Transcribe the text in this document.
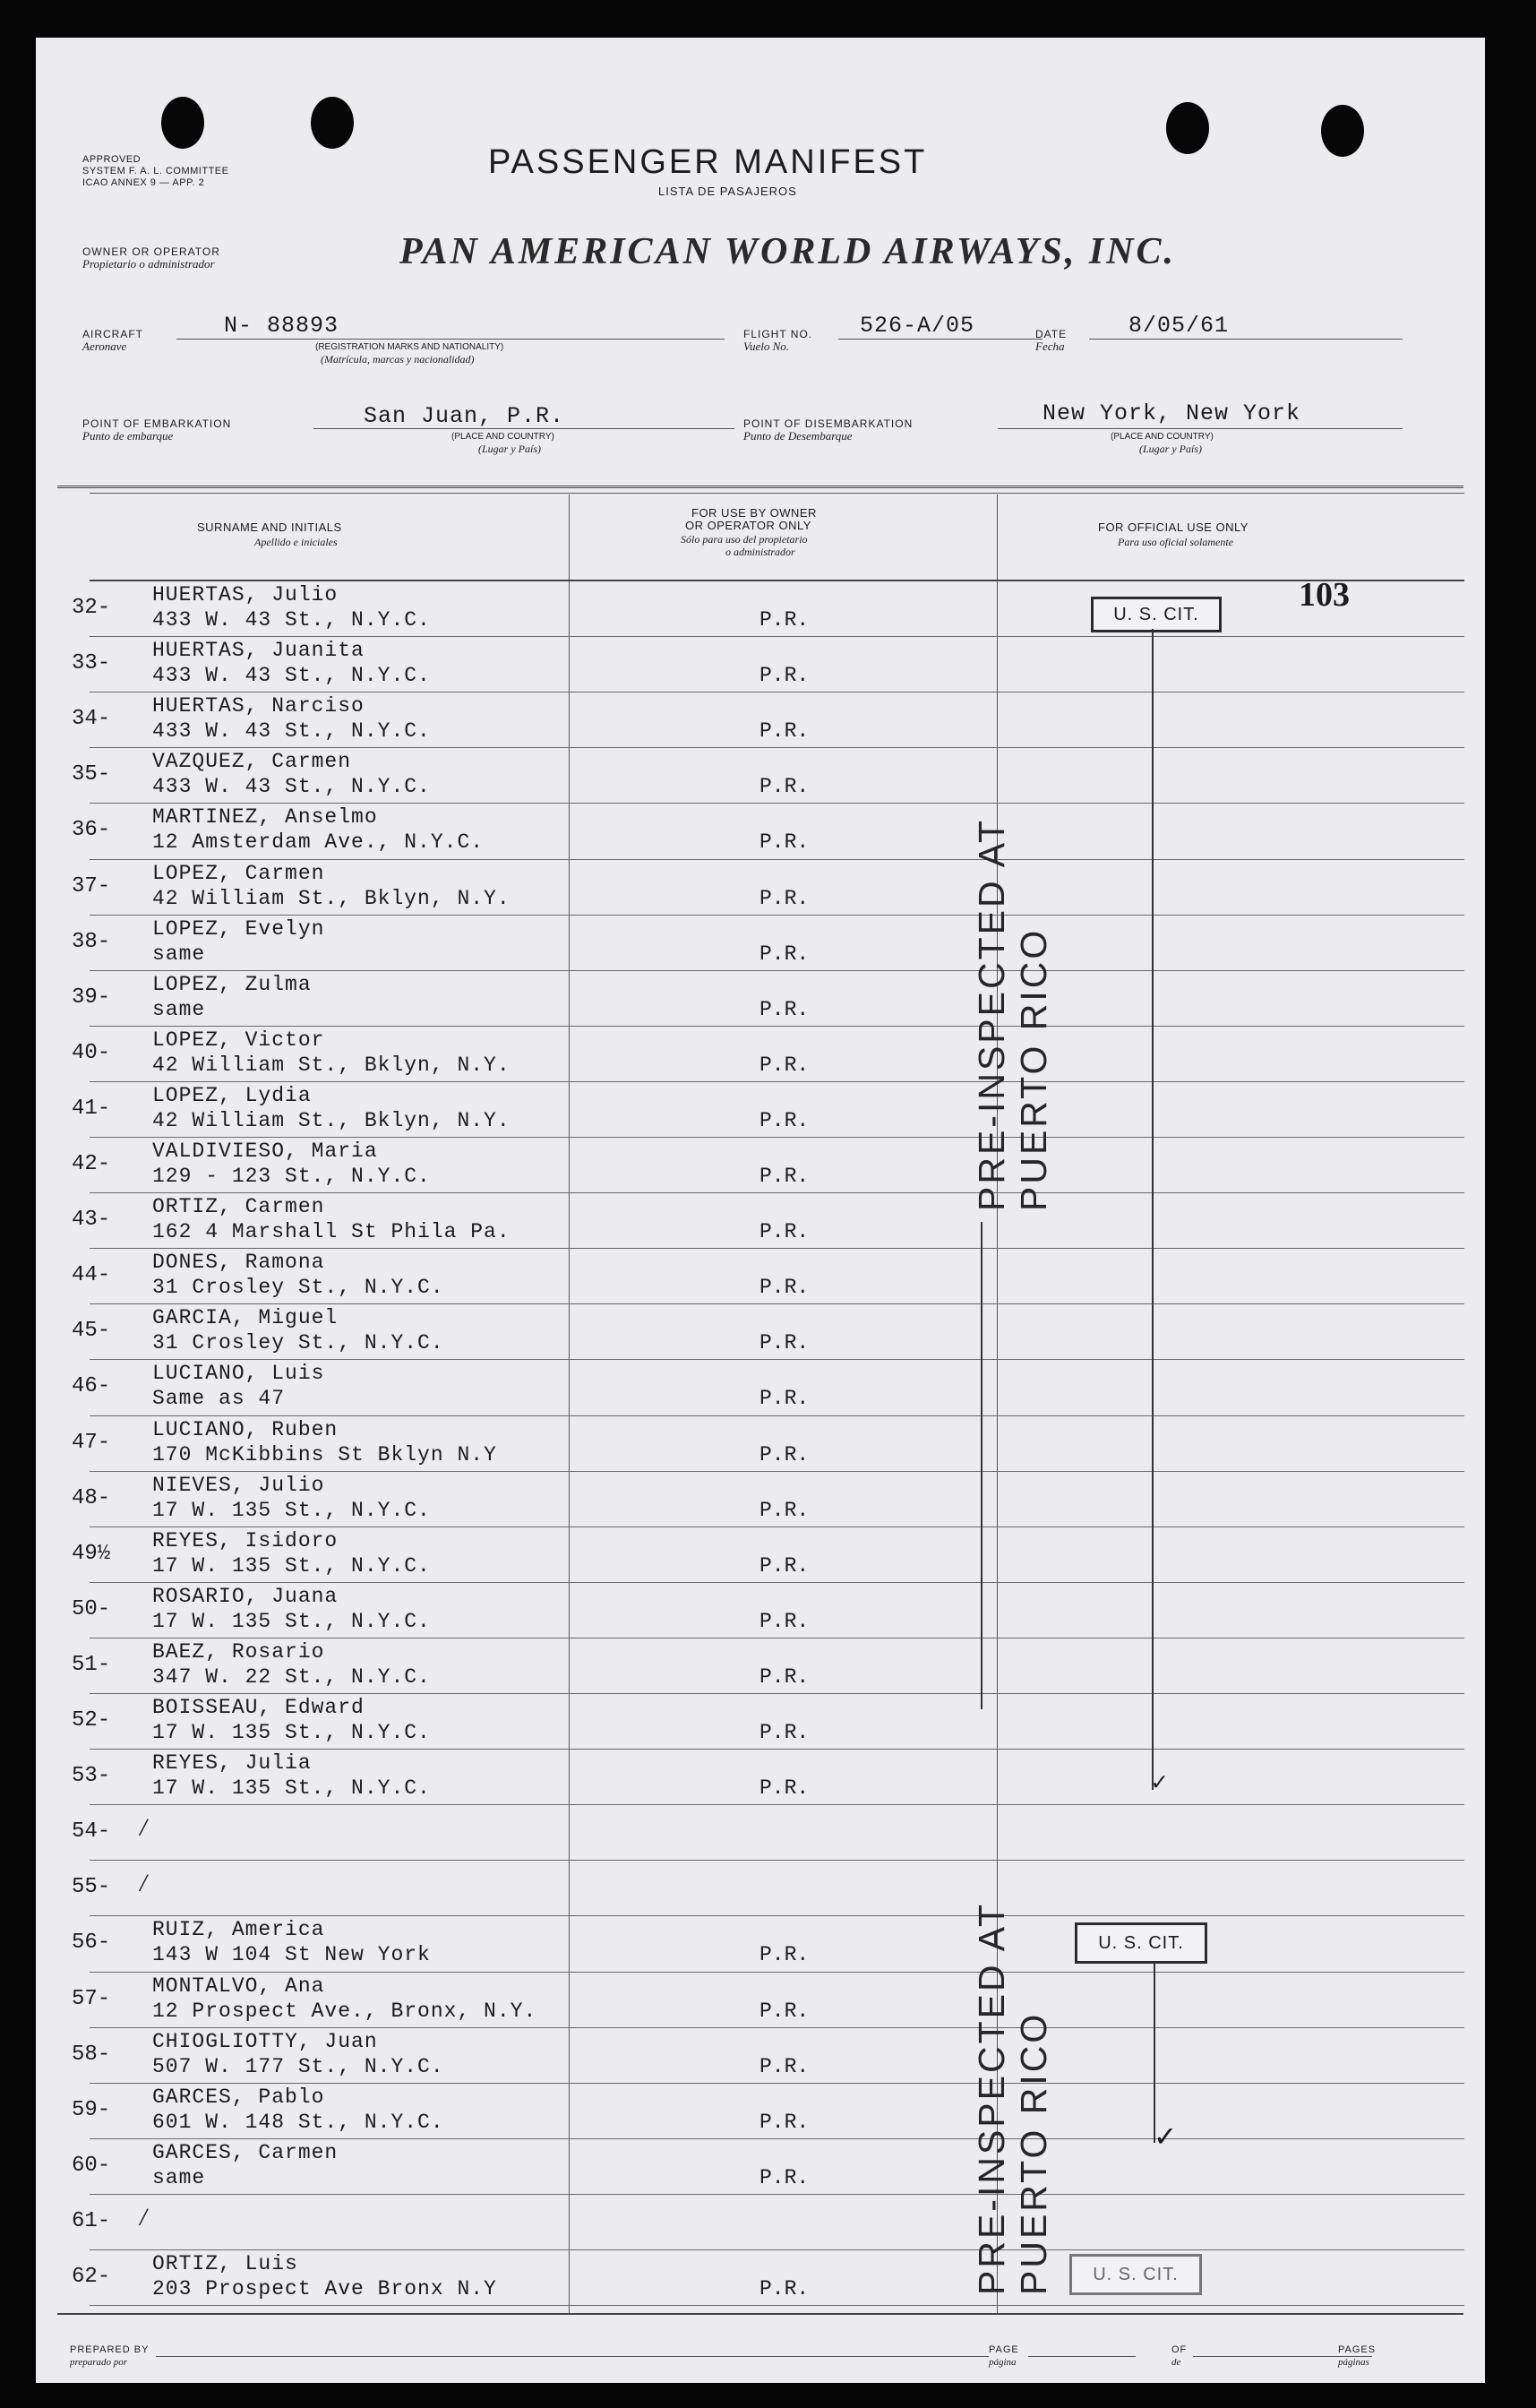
APPROVED
SYSTEM F. A. L. COMMITTEE
ICAO ANNEX 9 — APP. 2
PASSENGER MANIFEST
LISTA DE PASAJEROS
OWNER OR OPERATOR
Propietario o administrador	PAN AMERICAN WORLD AIRWAYS, INC.
AIRCRAFT
Aeronave
N- 88893
(REGISTRATION MARKS AND NATIONALITY)
(Matrícula, marcas y nacionalidad)
FLIGHT NO.
Vuelo No.
526-A/05	DATE
Fecha
8/05/61
POINT OF EMBARKATION
Punto de embarque
San Juan, P.R.
(PLACE AND COUNTRY)
(Lugar y País)
POINT OF DISEMBARKATION
Punto de Desembarque
New York, New York
(PLACE AND COUNTRY)
(Lugar y País)
SURNAME AND INITIALS
Apellido e iniciales
FOR USE BY OWNER
OR OPERATOR ONLY
Sólo para uso del propietario
o administrador
FOR OFFICIAL USE ONLY
Para uso oficial solamente
103
32-
HUERTAS, Julio
433 W. 43 St., N.Y.C.	P.R.
33-
HUERTAS, Juanita
433 W. 43 St., N.Y.C.	P.R.
34-
HUERTAS, Narciso
433 W. 43 St., N.Y.C.	P.R.
35-
VAZQUEZ, Carmen
433 W. 43 St., N.Y.C.	P.R.
36-
MARTINEZ, Anselmo
12 Amsterdam Ave., N.Y.C.	P.R.
37-
LOPEZ, Carmen
42 William St., Bklyn, N.Y.	P.R.
38-
LOPEZ, Evelyn
same	P.R.
39-
LOPEZ, Zulma
same	P.R.
40-
LOPEZ, Victor
42 William St., Bklyn, N.Y.	P.R.
41-
LOPEZ, Lydia
42 William St., Bklyn, N.Y.	P.R.
42-
VALDIVIESO, Maria
129 - 123 St., N.Y.C.	P.R.
43-
ORTIZ, Carmen
162 4 Marshall St Phila Pa.	P.R.
44-
DONES, Ramona
31 Crosley St., N.Y.C.	P.R.
45-
GARCIA, Miguel
31 Crosley St., N.Y.C.	P.R.
46-
LUCIANO, Luis
Same as 47	P.R.
47-
LUCIANO, Ruben
170 McKibbins St Bklyn N.Y	P.R.
48-
NIEVES, Julio
17 W. 135 St., N.Y.C.	P.R.
49½
REYES, Isidoro
17 W. 135 St., N.Y.C.	P.R.
50-
ROSARIO, Juana
17 W. 135 St., N.Y.C.	P.R.
51-
BAEZ, Rosario
347 W. 22 St., N.Y.C.	P.R.
52-
BOISSEAU, Edward
17 W. 135 St., N.Y.C.	P.R.
53-
REYES, Julia
17 W. 135 St., N.Y.C.	P.R.
54-	⁄
55-	⁄
56-
RUIZ, America
143 W 104 St New York	P.R.
57-
MONTALVO, Ana
12 Prospect Ave., Bronx, N.Y.	P.R.
58-
CHIOGLIOTTY, Juan
507 W. 177 St., N.Y.C.	P.R.
59-
GARCES, Pablo
601 W. 148 St., N.Y.C.	P.R.
60-
GARCES, Carmen
same	P.R.
61-	⁄
62-
ORTIZ, Luis
203 Prospect Ave Bronx N.Y	P.R.
PRE-INSPECTED AT PUERTO RICO
PRE-INSPECTED AT PUERTO RICO
U. S. CIT.
✓
U. S. CIT.
✓
U. S. CIT.
PREPARED BY
preparado por
PAGE
página
OF
de
PAGES
páginas
